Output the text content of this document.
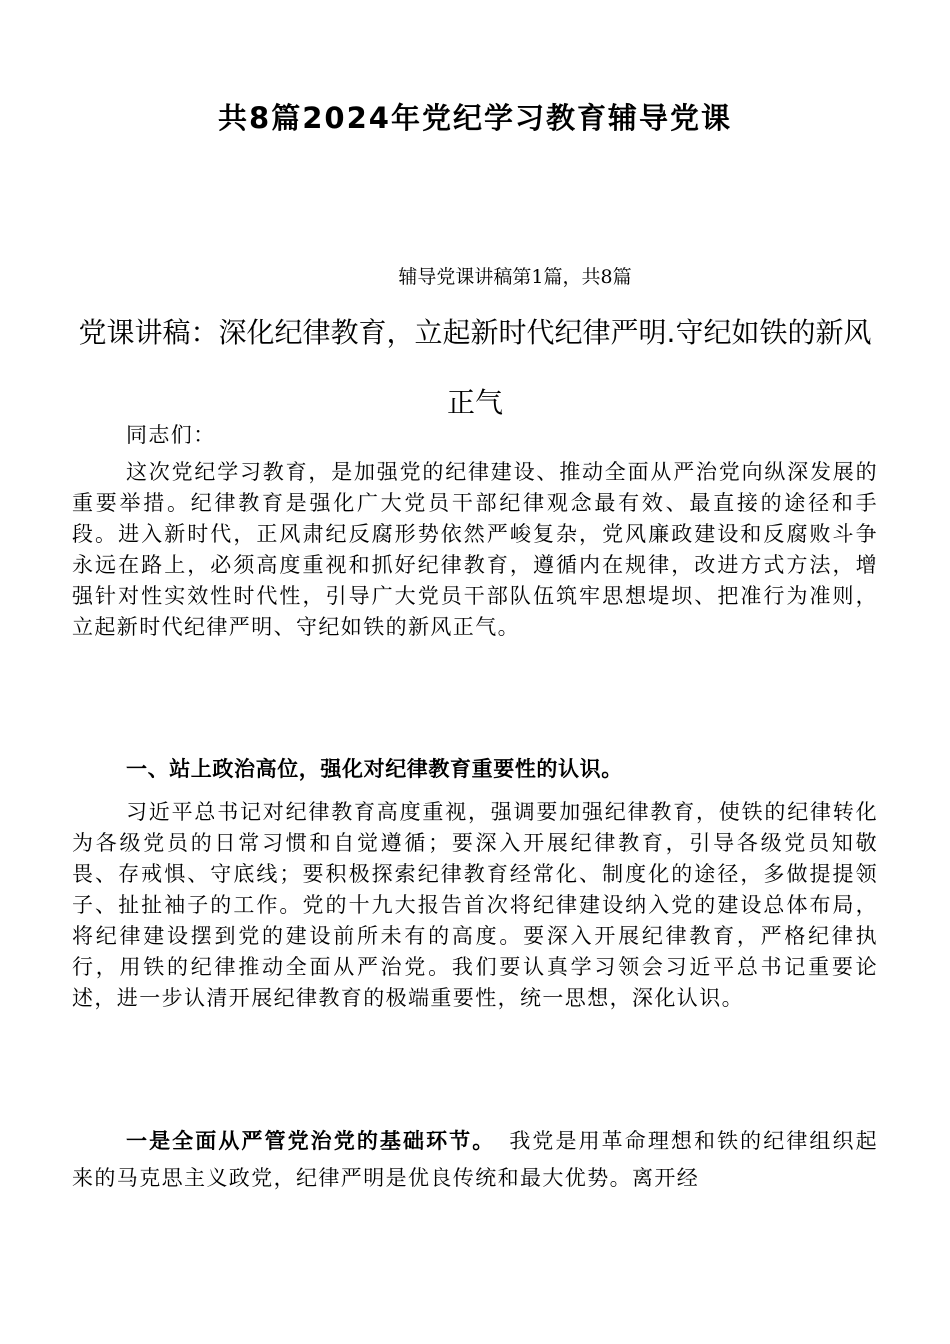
共8篇2024年党纪学习教育辅导党课
辅导党课讲稿第1篇，共8篇
党课讲稿：深化纪律教育，立起新时代纪律严明.守纪如铁的新风正气
同志们：
这次党纪学习教育，是加强党的纪律建设、推动全面从严治党向纵深发展的重要举措。纪律教育是强化广大党员干部纪律观念最有效、最直接的途径和手段。进入新时代，正风肃纪反腐形势依然严峻复杂，党风廉政建设和反腐败斗争永远在路上，必须高度重视和抓好纪律教育，遵循内在规律，改进方式方法，增强针对性实效性时代性，引导广大党员干部队伍筑牢思想堤坝、把准行为准则，立起新时代纪律严明、守纪如铁的新风正气。
一、站上政治高位，强化对纪律教育重要性的认识。
习近平总书记对纪律教育高度重视，强调要加强纪律教育，使铁的纪律转化为各级党员的日常习惯和自觉遵循；要深入开展纪律教育，引导各级党员知敬畏、存戒惧、守底线；要积极探索纪律教育经常化、制度化的途径，多做提提领子、扯扯袖子的工作。党的十九大报告首次将纪律建设纳入党的建设总体布局，将纪律建设摆到党的建设前所未有的高度。要深入开展纪律教育，严格纪律执行，用铁的纪律推动全面从严治党。我们要认真学习领会习近平总书记重要论述，进一步认清开展纪律教育的极端重要性，统一思想，深化认识。
一是全面从严管党治党的基础环节。 我党是用革命理想和铁的纪律组织起来的马克思主义政党，纪律严明是优良传统和最大优势。离开经
